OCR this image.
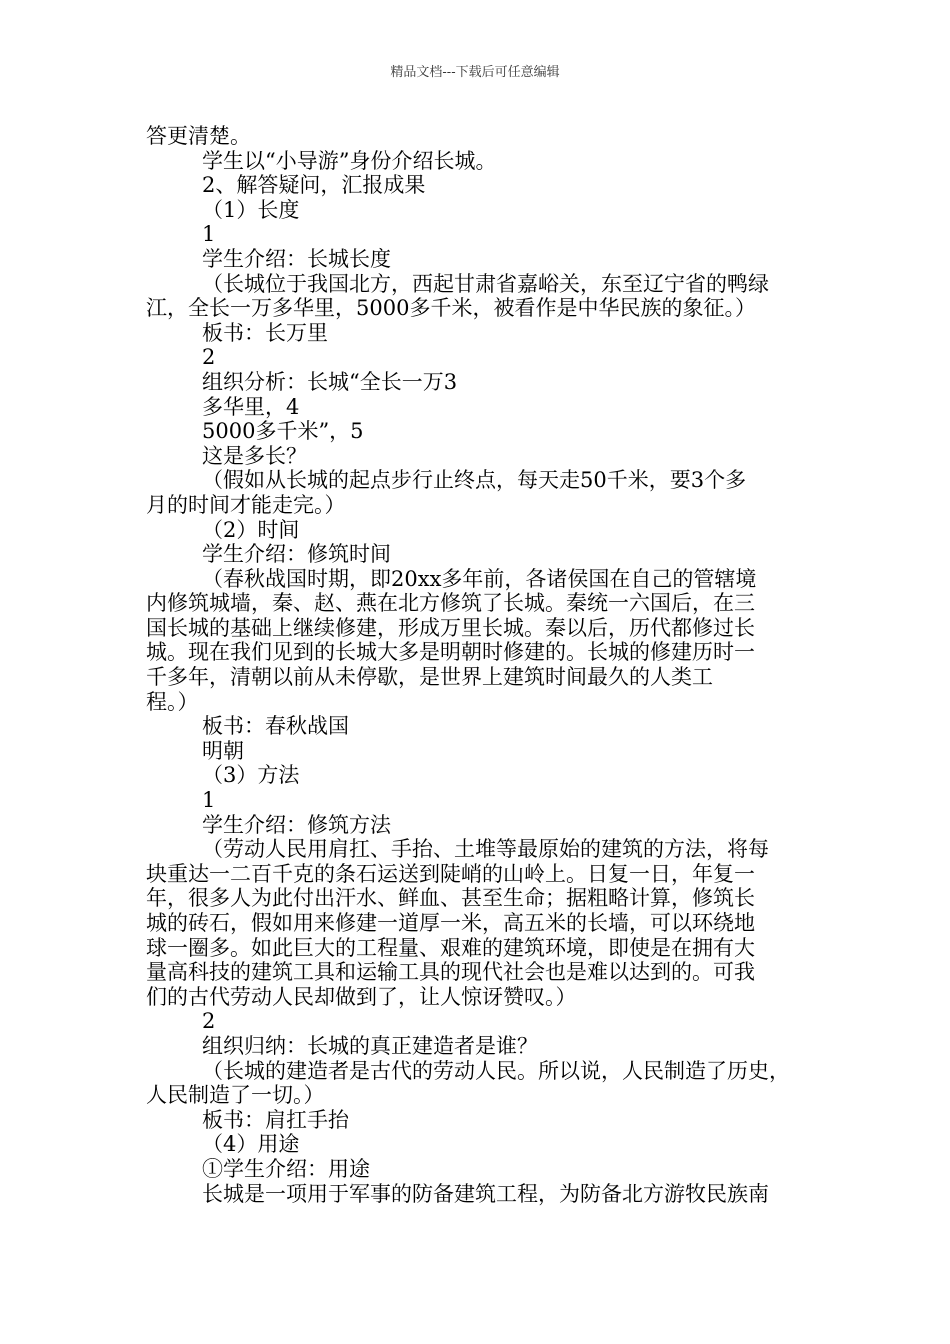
精品文档---下载后可任意编辑
答更清楚。
学生以“小导游”身份介绍长城。
2、解答疑问，汇报成果
（1）长度
1
学生介绍：长城长度
（长城位于我国北方，西起甘肃省嘉峪关，东至辽宁省的鸭绿
江，全长一万多华里，5000多千米，被看作是中华民族的象征。）
板书：长万里
2
组织分析：长城“全长一万3
多华里，4
5000多千米”，5
这是多长？
（假如从长城的起点步行止终点，每天走50千米，要3个多
月的时间才能走完。）
（2）时间
学生介绍：修筑时间
（春秋战国时期，即20xx多年前，各诸侯国在自己的管辖境
内修筑城墙，秦、赵、燕在北方修筑了长城。秦统一六国后，在三
国长城的基础上继续修建，形成万里长城。秦以后，历代都修过长
城。现在我们见到的长城大多是明朝时修建的。长城的修建历时一
千多年，清朝以前从未停歇，是世界上建筑时间最久的人类工
程。）
板书：春秋战国
明朝
（3）方法
1
学生介绍：修筑方法
（劳动人民用肩扛、手抬、土堆等最原始的建筑的方法，将每
块重达一二百千克的条石运送到陡峭的山岭上。日复一日，年复一
年，很多人为此付出汗水、鲜血、甚至生命；据粗略计算，修筑长
城的砖石，假如用来修建一道厚一米，高五米的长墙，可以环绕地
球一圈多。如此巨大的工程量、艰难的建筑环境，即使是在拥有大
量高科技的建筑工具和运输工具的现代社会也是难以达到的。可我
们的古代劳动人民却做到了，让人惊讶赞叹。）
2
组织归纳：长城的真正建造者是谁？
（长城的建造者是古代的劳动人民。所以说，人民制造了历史，
人民制造了一切。）
板书：肩扛手抬
（4）用途
①学生介绍：用途
长城是一项用于军事的防备建筑工程，为防备北方游牧民族南
